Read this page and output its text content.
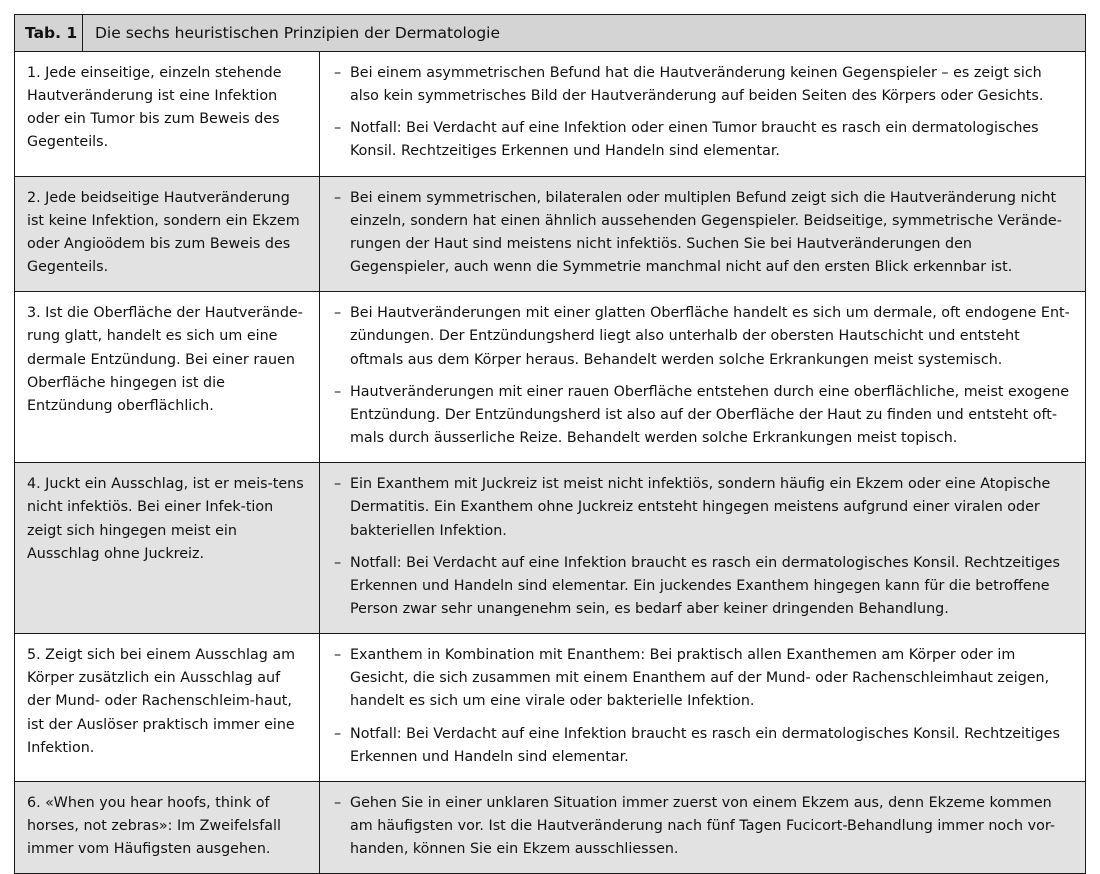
Tab. 1	Die sechs heuristischen Prinzipien der Dermatologie
1. Jede einseitige, einzeln stehende Hautveränderung ist eine Infektion oder ein Tumor bis zum Beweis des Gegenteils.
– Bei einem asymmetrischen Befund hat die Hautveränderung keinen Gegenspieler – es zeigt sich also kein symmetrisches Bild der Hautveränderung auf beiden Seiten des Körpers oder Gesichts.
– Notfall: Bei Verdacht auf eine Infektion oder einen Tumor braucht es rasch ein dermatologisches Konsil. Rechtzeitiges Erkennen und Handeln sind elementar.
2. Jede beidseitige Hautveränderung ist keine Infektion, sondern ein Ekzem oder Angioödem bis zum Beweis des Gegenteils.
– Bei einem symmetrischen, bilateralen oder multiplen Befund zeigt sich die Hautveränderung nicht einzeln, sondern hat einen ähnlich aussehenden Gegenspieler. Beidseitige, symmetrische Verände-rungen der Haut sind meistens nicht infektiös. Suchen Sie bei Hautveränderungen den Gegenspieler, auch wenn die Symmetrie manchmal nicht auf den ersten Blick erkennbar ist.
3. Ist die Oberfläche der Hautverände-rung glatt, handelt es sich um eine dermale Entzündung. Bei einer rauen Oberfläche hingegen ist die Entzündung oberflächlich.
– Bei Hautveränderungen mit einer glatten Oberfläche handelt es sich um dermale, oft endogene Ent-zündungen. Der Entzündungsherd liegt also unterhalb der obersten Hautschicht und entsteht oftmals aus dem Körper heraus. Behandelt werden solche Erkrankungen meist systemisch.
– Hautveränderungen mit einer rauen Oberfläche entstehen durch eine oberflächliche, meist exogene Entzündung. Der Entzündungsherd ist also auf der Oberfläche der Haut zu finden und entsteht oft-mals durch äusserliche Reize. Behandelt werden solche Erkrankungen meist topisch.
4. Juckt ein Ausschlag, ist er meis-tens nicht infektiös. Bei einer Infek-tion zeigt sich hingegen meist ein Ausschlag ohne Juckreiz.
– Ein Exanthem mit Juckreiz ist meist nicht infektiös, sondern häufig ein Ekzem oder eine Atopische Dermatitis. Ein Exanthem ohne Juckreiz entsteht hingegen meistens aufgrund einer viralen oder bakteriellen Infektion.
– Notfall: Bei Verdacht auf eine Infektion braucht es rasch ein dermatologisches Konsil. Rechtzeitiges Erkennen und Handeln sind elementar. Ein juckendes Exanthem hingegen kann für die betroffene Person zwar sehr unangenehm sein, es bedarf aber keiner dringenden Behandlung.
5. Zeigt sich bei einem Ausschlag am Körper zusätzlich ein Ausschlag auf der Mund- oder Rachenschleim-haut, ist der Auslöser praktisch immer eine Infektion.
– Exanthem in Kombination mit Enanthem: Bei praktisch allen Exanthemen am Körper oder im Gesicht, die sich zusammen mit einem Enanthem auf der Mund- oder Rachenschleimhaut zeigen, handelt es sich um eine virale oder bakterielle Infektion.
– Notfall: Bei Verdacht auf eine Infektion braucht es rasch ein dermatologisches Konsil. Rechtzeitiges Erkennen und Handeln sind elementar.
6. «When you hear hoofs, think of horses, not zebras»: Im Zweifelsfall immer vom Häufigsten ausgehen.
– Gehen Sie in einer unklaren Situation immer zuerst von einem Ekzem aus, denn Ekzeme kommen am häufigsten vor. Ist die Hautveränderung nach fünf Tagen Fucicort-Behandlung immer noch vor-handen, können Sie ein Ekzem ausschliessen.
